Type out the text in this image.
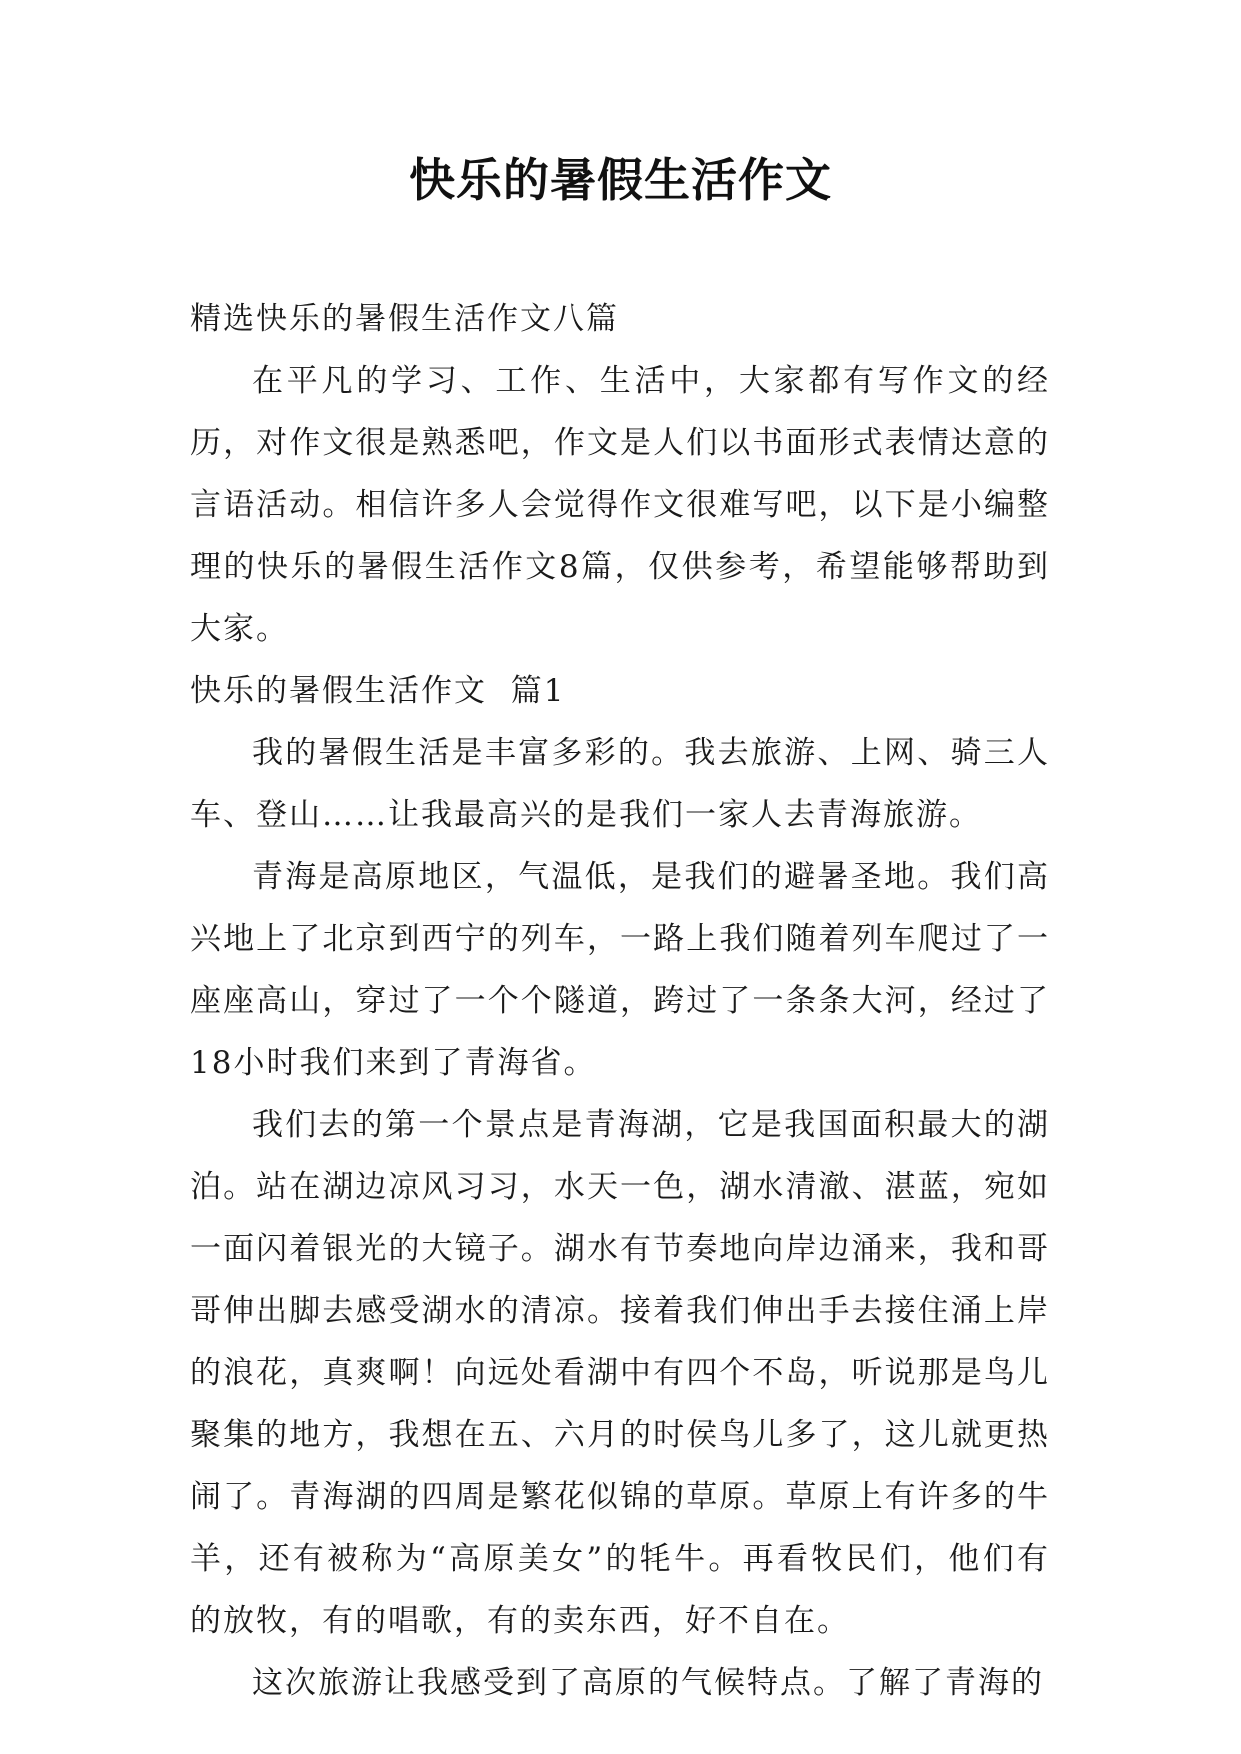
快乐的暑假生活作文

精选快乐的暑假生活作文八篇

在平凡的学习、工作、生活中，大家都有写作文的经历，对作文很是熟悉吧，作文是人们以书面形式表情达意的言语活动。相信许多人会觉得作文很难写吧，以下是小编整理的快乐的暑假生活作文8篇，仅供参考，希望能够帮助到大家。

快乐的暑假生活作文  篇1

我的暑假生活是丰富多彩的。我去旅游、上网、骑三人车、登山……让我最高兴的是我们一家人去青海旅游。

青海是高原地区，气温低，是我们的避暑圣地。我们高兴地上了北京到西宁的列车，一路上我们随着列车爬过了一座座高山，穿过了一个个隧道，跨过了一条条大河，经过了18小时我们来到了青海省。

我们去的第一个景点是青海湖，它是我国面积最大的湖泊。站在湖边凉风习习，水天一色，湖水清澈、湛蓝，宛如一面闪着银光的大镜子。湖水有节奏地向岸边涌来，我和哥哥伸出脚去感受湖水的清凉。接着我们伸出手去接住涌上岸的浪花，真爽啊！向远处看湖中有四个不岛，听说那是鸟儿聚集的地方，我想在五、六月的时侯鸟儿多了，这儿就更热闹了。青海湖的四周是繁花似锦的草原。草原上有许多的牛羊，还有被称为“高原美女”的牦牛。再看牧民们，他们有的放牧，有的唱歌，有的卖东西，好不自在。

这次旅游让我感受到了高原的气候特点。了解了青海的
